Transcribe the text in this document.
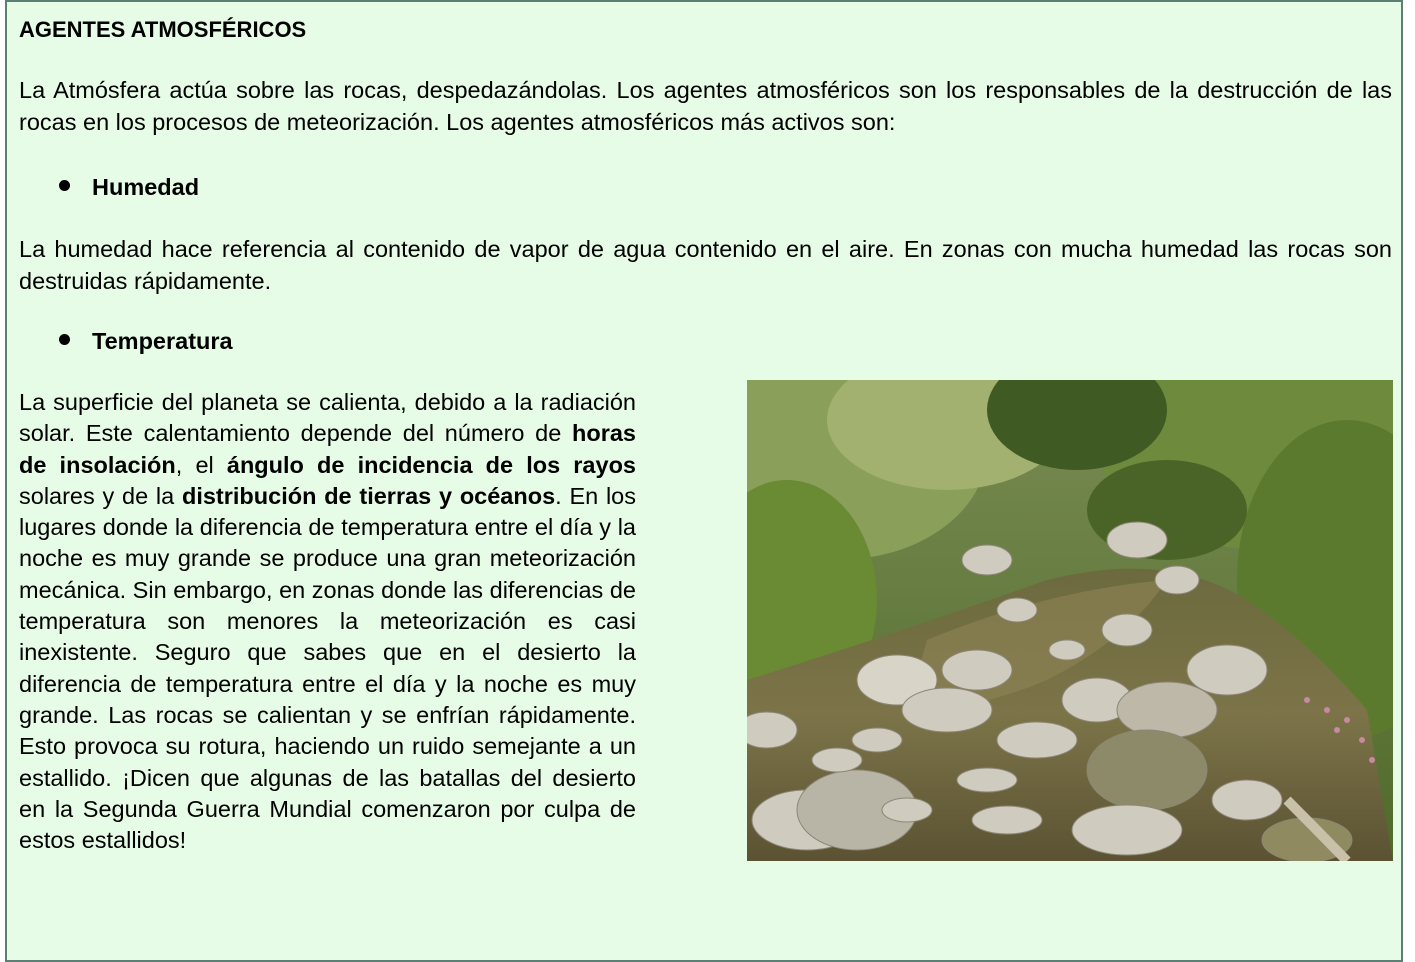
AGENTES ATMOSFÉRICOS

La Atmósfera actúa sobre las rocas, despedazándolas. Los agentes atmosféricos son los responsables de la destrucción de las rocas en los procesos de meteorización. Los agentes atmosféricos más activos son:

Humedad

La humedad hace referencia al contenido de vapor de agua contenido en el aire. En zonas con mucha humedad las rocas son destruidas rápidamente.

Temperatura

La superficie del planeta se calienta, debido a la radiación solar. Este calentamiento depende del número de horas de insolación, el ángulo de incidencia de los rayos solares y de la distribución de tierras y océanos. En los lugares donde la diferencia de temperatura entre el día y la noche es muy grande se produce una gran meteorización mecánica. Sin embargo, en zonas donde las diferencias de temperatura son menores la meteorización es casi inexistente. Seguro que sabes que en el desierto la diferencia de temperatura entre el día y la noche es muy grande. Las rocas se calientan y se enfrían rápidamente. Esto provoca su rotura, haciendo un ruido semejante a un estallido. ¡Dicen que algunas de las batallas del desierto en la Segunda Guerra Mundial comenzaron por culpa de estos estallidos!
